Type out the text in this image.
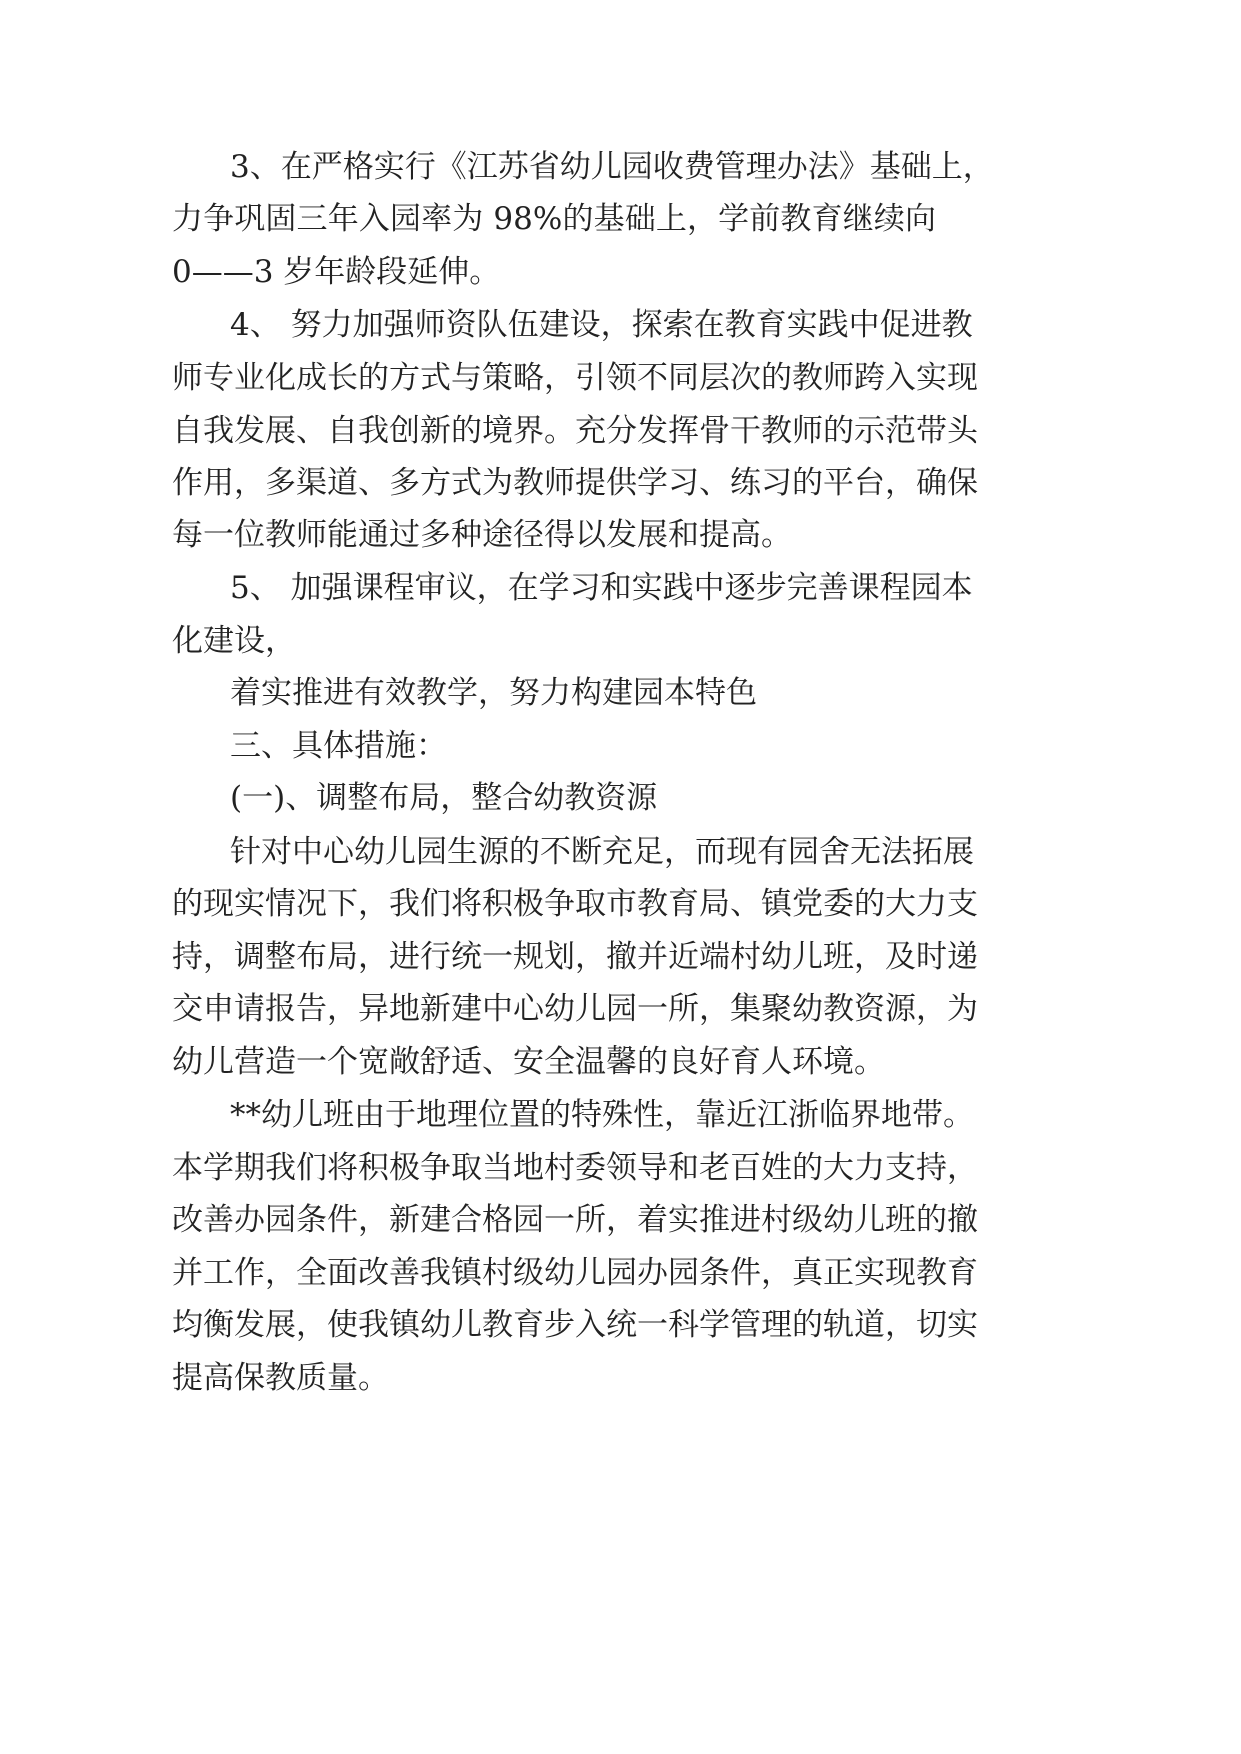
3、在严格实行《江苏省幼儿园收费管理办法》基础上，
力争巩固三年入园率为 98%的基础上，学前教育继续向
0——3 岁年龄段延伸。
4、 努力加强师资队伍建设，探索在教育实践中促进教
师专业化成长的方式与策略，引领不同层次的教师跨入实现
自我发展、自我创新的境界。充分发挥骨干教师的示范带头
作用，多渠道、多方式为教师提供学习、练习的平台，确保
每一位教师能通过多种途径得以发展和提高。
5、 加强课程审议，在学习和实践中逐步完善课程园本
化建设，
着实推进有效教学，努力构建园本特色
三、具体措施：
(一)、调整布局，整合幼教资源
针对中心幼儿园生源的不断充足，而现有园舍无法拓展
的现实情况下，我们将积极争取市教育局、镇党委的大力支
持，调整布局，进行统一规划，撤并近端村幼儿班，及时递
交申请报告，异地新建中心幼儿园一所，集聚幼教资源，为
幼儿营造一个宽敞舒适、安全温馨的良好育人环境。
**幼儿班由于地理位置的特殊性，靠近江浙临界地带。
本学期我们将积极争取当地村委领导和老百姓的大力支持，
改善办园条件，新建合格园一所，着实推进村级幼儿班的撤
并工作，全面改善我镇村级幼儿园办园条件，真正实现教育
均衡发展，使我镇幼儿教育步入统一科学管理的轨道，切实
提高保教质量。
